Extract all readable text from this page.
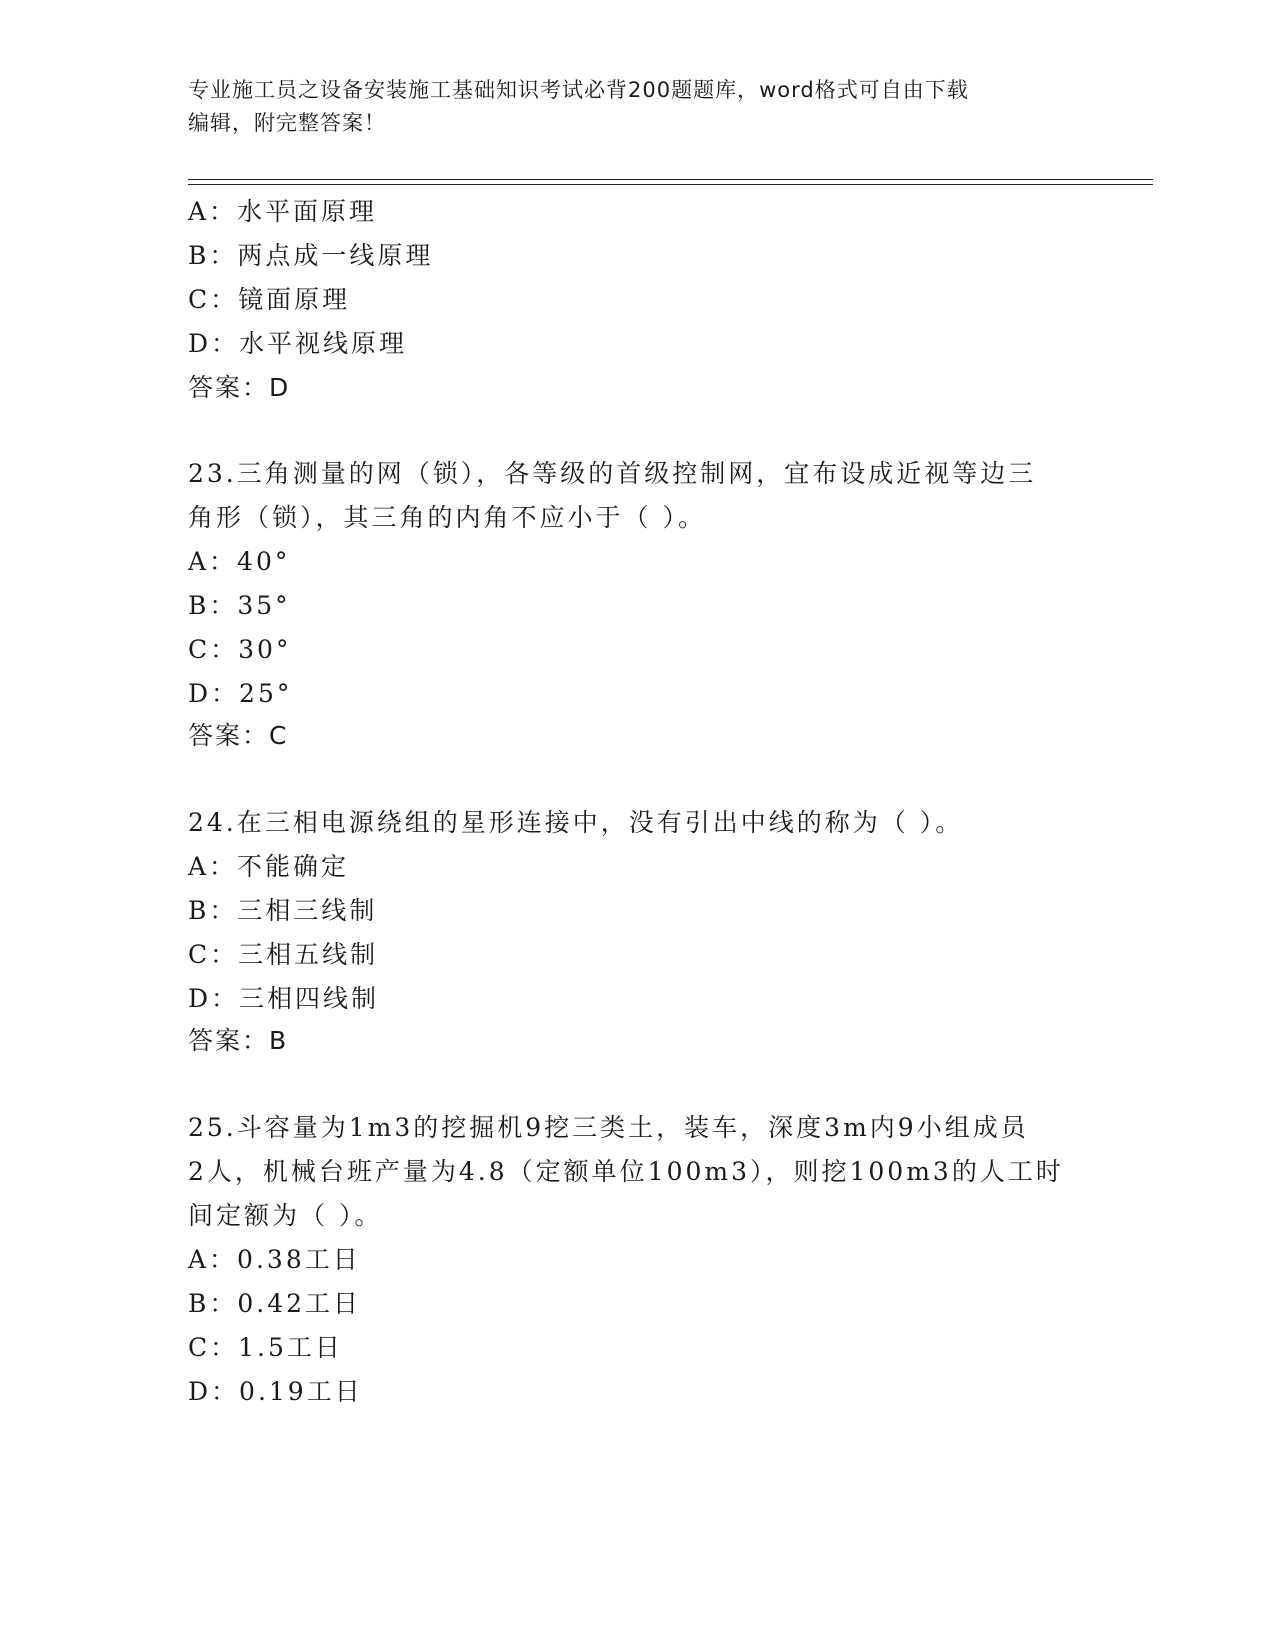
专业施工员之设备安装施工基础知识考试必背200题题库，word格式可自由下载
编辑，附完整答案！
A：水平面原理
B：两点成一线原理
C：镜面原理
D：水平视线原理
答案：D
23.三角测量的网（锁），各等级的首级控制网，宜布设成近视等边三
角形（锁），其三角的内角不应小于（ ）。
A：40°
B：35°
C：30°
D：25°
答案：C
24.在三相电源绕组的星形连接中，没有引出中线的称为（ ）。
A：不能确定
B：三相三线制
C：三相五线制
D：三相四线制
答案：B
25.斗容量为1m3的挖掘机9挖三类土，装车，深度3m内9小组成员
2人，机械台班产量为4.8（定额单位100m3），则挖100m3的人工时
间定额为（ ）。
A：0.38工日
B：0.42工日
C：1.5工日
D：0.19工日
